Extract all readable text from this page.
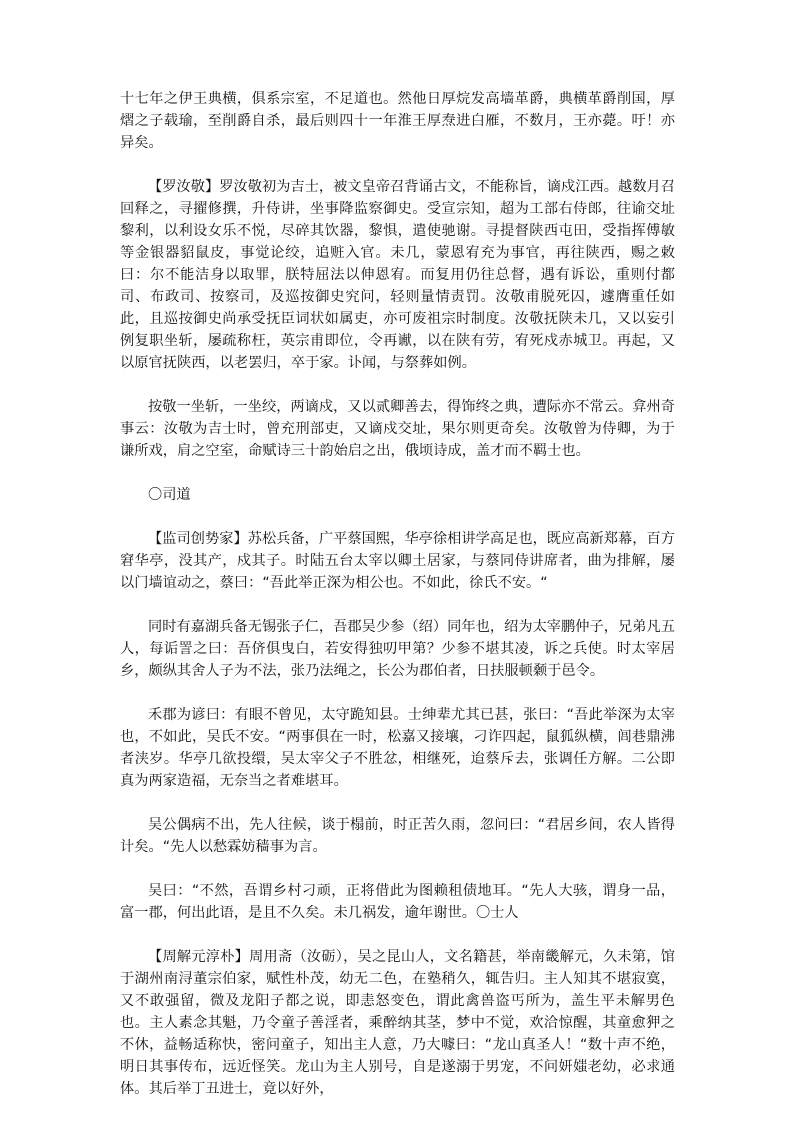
十七年之伊王典横，俱系宗室，不足道也。然他日厚烷发高墙革爵，典横革爵削国，厚熠之子载瑜，至削爵自杀，最后则四十一年淮王厚焘进白雁，不数月，王亦薨。吁！亦异矣。

【罗汝敬】罗汝敬初为吉士，被文皇帝召背诵古文，不能称旨，谪戍江西。越数月召回释之，寻擢修撰，升侍讲，坐事降监察御史。受宣宗知，超为工部右侍郎，往谕交址黎利，以利设女乐不悦，尽碎其饮器，黎惧，遣使驰谢。寻提督陕西屯田，受指挥傅敏等金银器貂鼠皮，事觉论绞，追赃入官。未几，蒙恩宥充为事官，再往陕西，赐之敕曰：尔不能洁身以取罪，朕特屈法以伸恩宥。而复用仍往总督，遇有诉讼，重则付都司、布政司、按察司，及巡按御史究问，轻则量情责罚。汝敬甫脱死囚，遽膺重任如此，且巡按御史尚承受抚臣词状如属吏，亦可废祖宗时制度。汝敬抚陕未几，又以妄引例复职坐斩，屡疏称枉，英宗甫即位，令再谳，以在陕有劳，宥死戍赤城卫。再起，又以原官抚陕西，以老罢归，卒于家。讣闻，与祭葬如例。

按敬一坐斩，一坐绞，两谪戍，又以贰卿善去，得饰终之典，遭际亦不常云。弇州奇事云：汝敬为吉士时，曾充刑部吏，又谪戍交址，果尔则更奇矣。汝敬曾为侍卿，为于谦所戏，肩之空室，命赋诗三十韵始启之出，俄顷诗成，盖才而不羁士也。

〇司道

【监司创势家】苏松兵备，广平蔡国熙，华亭徐相讲学高足也，既应高新郑幕，百方窘华亭，没其产，戍其子。时陆五台太宰以卿土居家，与蔡同侍讲席者，曲为排解，屡以门墙谊动之，蔡曰：“吾此举正深为相公也。不如此，徐氏不安。“

同时有嘉湖兵备无锡张子仁，吾郡吴少参（绍）同年也，绍为太宰鹏仲子，兄弟凡五人，每诟詈之曰：吾侪俱曳白，若安得独叨甲第？少参不堪其凌，诉之兵使。时太宰居乡，颇纵其舍人子为不法，张乃法绳之，长公为郡伯者，日扶服顿颡于邑令。

禾郡为谚曰：有眼不曾见，太守跪知县。士绅辈尤其已甚，张曰：“吾此举深为太宰也，不如此，吴氏不安。“两事俱在一时，松嘉又接壤，刁诈四起，鼠狐纵横，闾巷鼎沸者浃岁。华亭几欲投缳，吴太宰父子不胜忿，相继死，迨蔡斥去，张调任方解。二公即真为两家造福，无奈当之者难堪耳。

吴公偶病不出，先人往候，谈于榻前，时正苦久雨，忽问曰：“君居乡间，农人皆得计矣。“先人以愁霖妨穑事为言。

吴曰：“不然，吾谓乡村刁顽，正将借此为图赖租债地耳。“先人大骇，谓身一品，富一郡，何出此语，是且不久矣。未几祸发，逾年谢世。〇士人

【周解元淳朴】周用斋（汝砺），吴之昆山人，文名籍甚，举南畿解元，久未第，馆于湖州南浔董宗伯家，赋性朴茂，幼无二色，在塾稍久，辄告归。主人知其不堪寂寞，又不敢强留，微及龙阳子都之说，即恚怒变色，谓此禽兽盗丐所为，盖生平未解男色也。主人素念其魁，乃令童子善淫者，乘醉纳其茎，梦中不觉，欢洽惊醒，其童愈狎之不休，益畅适称快，密问童子，知出主人意，乃大噱曰：“龙山真圣人！“数十声不绝，明日其事传布，远近怪笑。龙山为主人别号，自是遂溺于男宠，不问妍媸老幼，必求通体。其后举丁丑进士，竟以好外，
